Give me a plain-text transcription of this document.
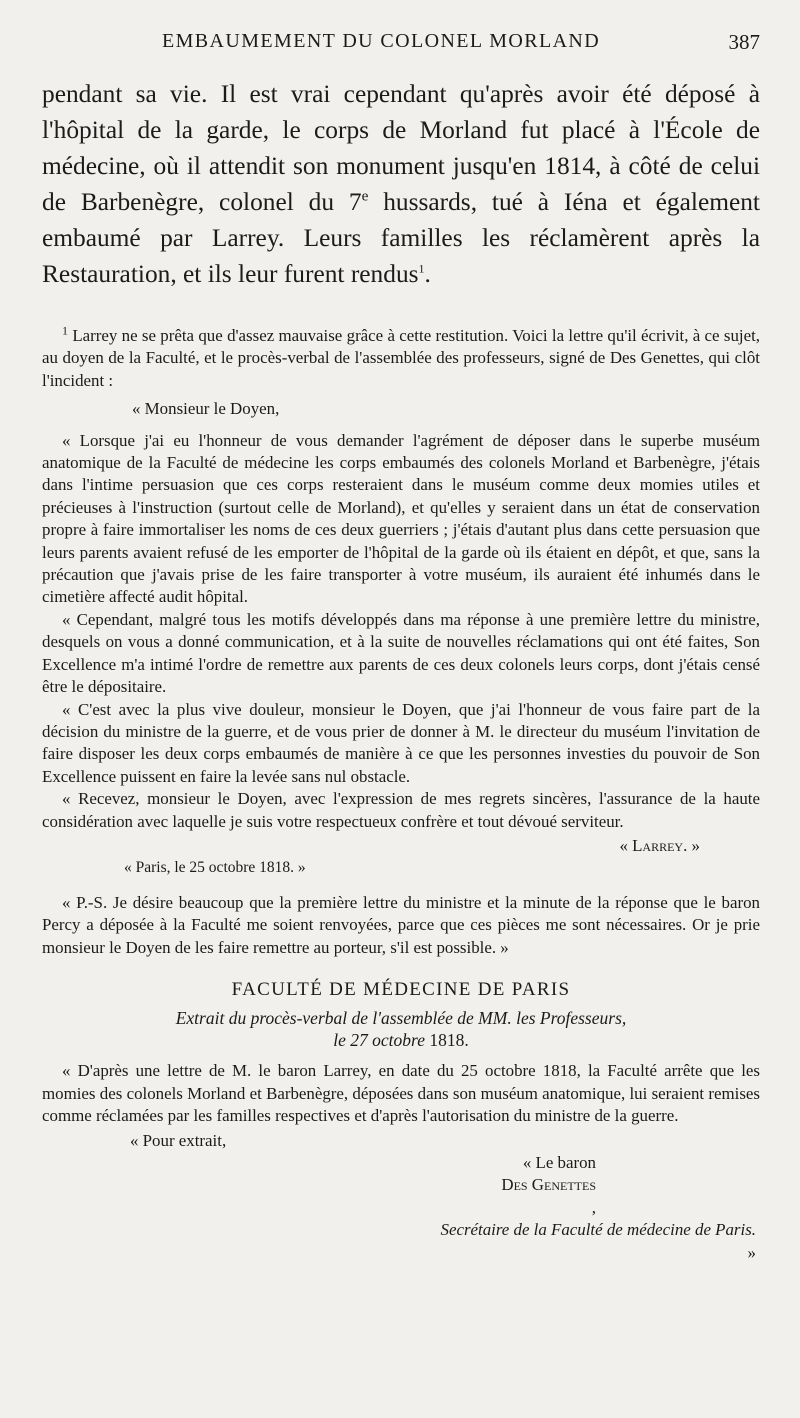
EMBAUMEMENT DU COLONEL MORLAND	387
pendant sa vie. Il est vrai cependant qu'après avoir été déposé à l'hôpital de la garde, le corps de Morland fut placé à l'École de médecine, où il attendit son monument jusqu'en 1814, à côté de celui de Barbenègre, colonel du 7e hussards, tué à Iéna et également embaumé par Larrey. Leurs familles les réclamèrent après la Restauration, et ils leur furent rendus$^1$.

$^1$ Larrey ne se prêta que d'assez mauvaise grâce à cette restitution. Voici la lettre qu'il écrivit, à ce sujet, au doyen de la Faculté, et le procès-verbal de l'assemblée des professeurs, signé de Des Genettes, qui clôt l'incident :

« Monsieur le Doyen,

« Lorsque j'ai eu l'honneur de vous demander l'agrément de déposer dans le superbe muséum anatomique de la Faculté de médecine les corps embaumés des colonels Morland et Barbenègre, j'étais dans l'intime persuasion que ces corps resteraient dans le muséum comme deux momies utiles et précieuses à l'instruction (surtout celle de Morland), et qu'elles y seraient dans un état de conservation propre à faire immortaliser les noms de ces deux guerriers ; j'étais d'autant plus dans cette persuasion que leurs parents avaient refusé de les emporter de l'hôpital de la garde où ils étaient en dépôt, et que, sans la précaution que j'avais prise de les faire transporter à votre muséum, ils auraient été inhumés dans le cimetière affecté audit hôpital.

« Cependant, malgré tous les motifs développés dans ma réponse à une première lettre du ministre, desquels on vous a donné communication, et à la suite de nouvelles réclamations qui ont été faites, Son Excellence m'a intimé l'ordre de remettre aux parents de ces deux colonels leurs corps, dont j'étais censé être le dépositaire.

« C'est avec la plus vive douleur, monsieur le Doyen, que j'ai l'honneur de vous faire part de la décision du ministre de la guerre, et de vous prier de donner à M. le directeur du muséum l'invitation de faire disposer les deux corps embaumés de manière à ce que les personnes investies du pouvoir de Son Excellence puissent en faire la levée sans nul obstacle.

« Recevez, monsieur le Doyen, avec l'expression de mes regrets sincères, l'assurance de la haute considération avec laquelle je suis votre respectueux confrère et tout dévoué serviteur.

« Larrey. »

« Paris, le 25 octobre 1818. »

« P.-S. Je désire beaucoup que la première lettre du ministre et la minute de la réponse que le baron Percy a déposée à la Faculté me soient renvoyées, parce que ces pièces me sont nécessaires. Or je prie monsieur le Doyen de les faire remettre au porteur, s'il est possible. »

FACULTÉ DE MÉDECINE DE PARIS

Extrait du procès-verbal de l'assemblée de MM. les Professeurs,
le 27 octobre 1818.

« D'après une lettre de M. le baron Larrey, en date du 25 octobre 1818, la Faculté arrête que les momies des colonels Morland et Barbenègre, déposées dans son muséum anatomique, lui seraient remises comme réclamées par les familles respectives et d'après l'autorisation du ministre de la guerre.

« Pour extrait,

« Le baron
Des Genettes
,
Secrétaire de la Faculté de médecine de Paris.
»
